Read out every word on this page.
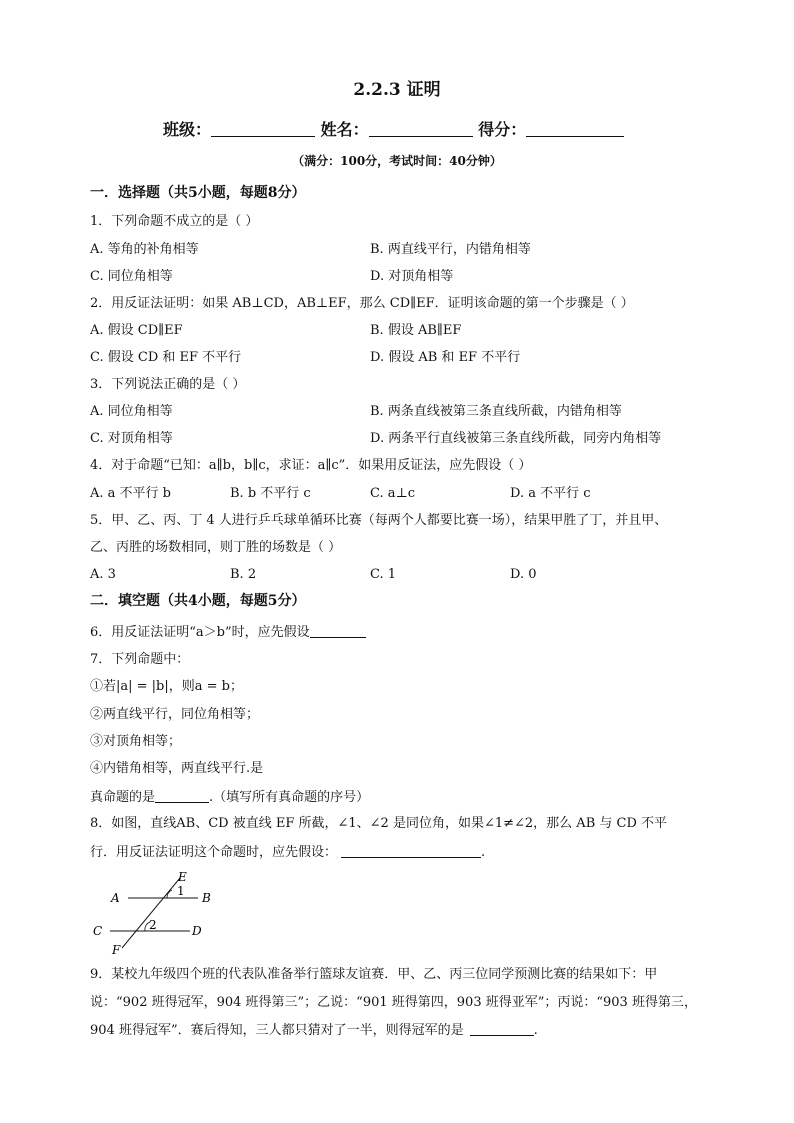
2.2.3 证明
班级：	姓名：	得分：
（满分：100分，考试时间：40分钟）
一．选择题（共5小题，每题8分）
1．下列命题不成立的是（ ）
A. 等角的补角相等	B. 两直线平行，内错角相等
C. 同位角相等	D. 对顶角相等
2．用反证法证明：如果 AB⊥CD，AB⊥EF，那么 CD∥EF．证明该命题的第一个步骤是（ ）
A. 假设 CD∥EF	B. 假设 AB∥EF
C. 假设 CD 和 EF 不平行	D. 假设 AB 和 EF 不平行
3．下列说法正确的是（ ）
A. 同位角相等	B. 两条直线被第三条直线所截，内错角相等
C. 对顶角相等	D. 两条平行直线被第三条直线所截，同旁内角相等
4．对于命题“已知：a∥b，b∥c，求证：a∥c”．如果用反证法，应先假设（ ）
A. a 不平行 b	B. b 不平行 c	C. a⊥c	D. a 不平行 c
5．甲、乙、丙、丁 4 人进行乒乓球单循环比赛（每两个人都要比赛一场），结果甲胜了丁，并且甲、
乙、丙胜的场数相同，则丁胜的场数是（ ）
A. 3	B. 2	C. 1	D. 0
二．填空题（共4小题，每题5分）
6．用反证法证明“a＞b”时，应先假设
7．下列命题中：
①若|a| = |b|，则a = b；
②两直线平行，同位角相等；
③对顶角相等；
④内错角相等，两直线平行.是
真命题的是	.（填写所有真命题的序号）
8．如图，直线AB、CD 被直线 EF 所截，∠1、∠2 是同位角，如果∠1≠∠2，那么 AB 与 CD 不平
行．用反证法证明这个命题时，应先假设：	.
A	B
C	D
E
F
1
2
9．某校九年级四个班的代表队准备举行篮球友谊赛．甲、乙、丙三位同学预测比赛的结果如下：甲
说：“902 班得冠军，904 班得第三”；乙说：“901 班得第四，903 班得亚军”；丙说：“903 班得第三，
904 班得冠军”．赛后得知，三人都只猜对了一半，则得冠军的是	.
